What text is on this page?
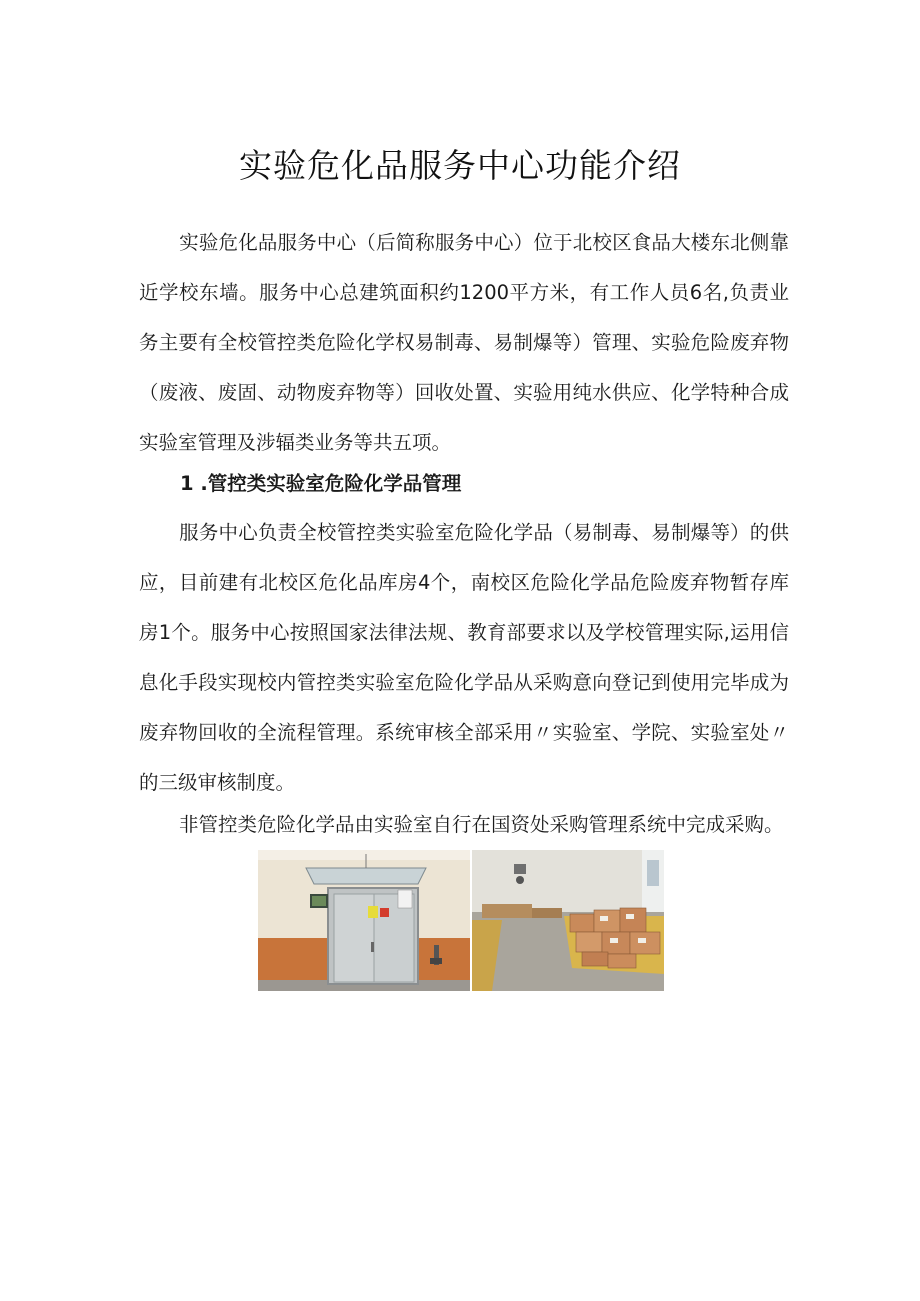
实验危化品服务中心功能介绍

实验危化品服务中心（后简称服务中心）位于北校区食品大楼东北侧靠近学校东墙。服务中心总建筑面积约1200平方米，有工作人员6名,负责业务主要有全校管控类危险化学权易制毒、易制爆等）管理、实验危险废弃物（废液、废固、动物废弃物等）回收处置、实验用纯水供应、化学特种合成实验室管理及涉辐类业务等共五项。

1 .管控类实验室危险化学品管理

服务中心负责全校管控类实验室危险化学品（易制毒、易制爆等）的供应，目前建有北校区危化品库房4个，南校区危险化学品危险废弃物暂存库房1个。服务中心按照国家法律法规、教育部要求以及学校管理实际,运用信息化手段实现校内管控类实验室危险化学品从采购意向登记到使用完毕成为废弃物回收的全流程管理。系统审核全部采用〃实验室、学院、实验室处〃的三级审核制度。

非管控类危险化学品由实验室自行在国资处采购管理系统中完成采购。
